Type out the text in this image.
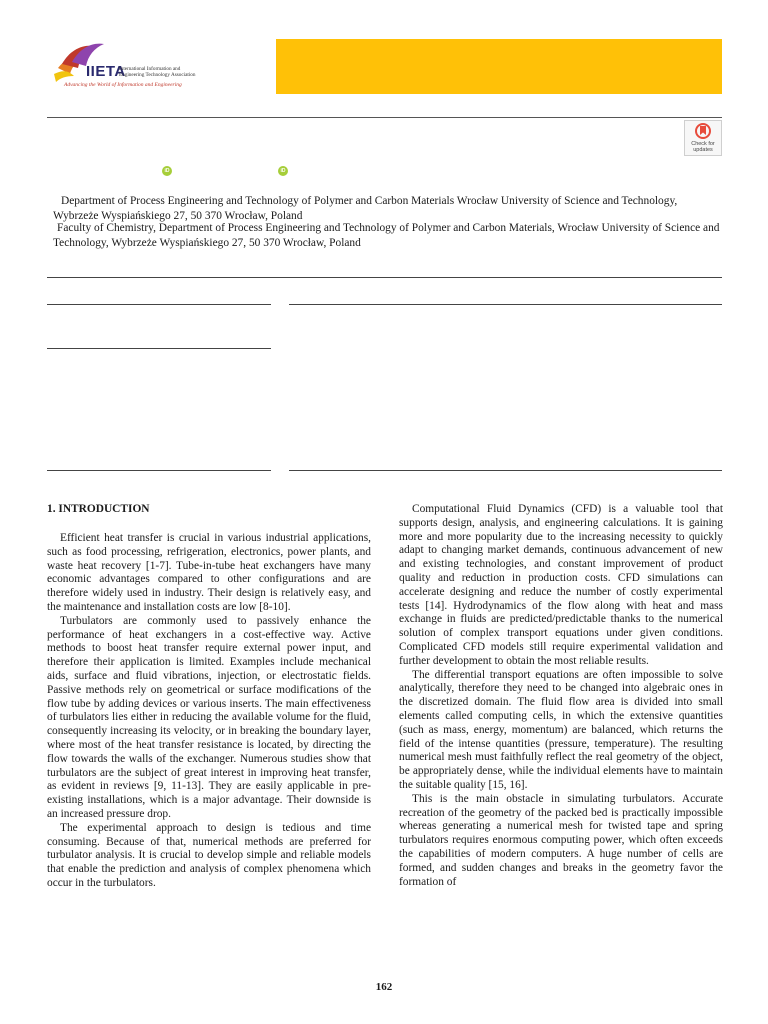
IIETA
International Information and
Engineering Technology Association
Advancing the World of Information and Engineering
Check for
updates
iD	iD
Department of Process Engineering and Technology of Polymer and Carbon Materials Wrocław University of Science and Technology, Wybrzeże Wyspiańskiego 27, 50 370 Wrocław, Poland
Faculty of Chemistry, Department of Process Engineering and Technology of Polymer and Carbon Materials, Wrocław University of Science and Technology, Wybrzeże Wyspiańskiego 27, 50 370 Wrocław, Poland
1. INTRODUCTION

Efficient heat transfer is crucial in various industrial applications, such as food processing, refrigeration, electronics, power plants, and waste heat recovery [1-7]. Tube-in-tube heat exchangers have many economic advantages compared to other configurations and are therefore widely used in industry. Their design is relatively easy, and the maintenance and installation costs are low [8-10].

Turbulators are commonly used to passively enhance the performance of heat exchangers in a cost-effective way. Active methods to boost heat transfer require external power input, and therefore their application is limited. Examples include mechanical aids, surface and fluid vibrations, injection, or electrostatic fields. Passive methods rely on geometrical or surface modifications of the flow tube by adding devices or various inserts. The main effectiveness of turbulators lies either in reducing the available volume for the fluid, consequently increasing its velocity, or in breaking the boundary layer, where most of the heat transfer resistance is located, by directing the flow towards the walls of the exchanger. Numerous studies show that turbulators are the subject of great interest in improving heat transfer, as evident in reviews [9, 11-13]. They are easily applicable in pre-existing installations, which is a major advantage. Their downside is an increased pressure drop.

The experimental approach to design is tedious and time consuming. Because of that, numerical methods are preferred for turbulator analysis. It is crucial to develop simple and reliable models that enable the prediction and analysis of complex phenomena which occur in the turbulators.

Computational Fluid Dynamics (CFD) is a valuable tool that supports design, analysis, and engineering calculations. It is gaining more and more popularity due to the increasing necessity to quickly adapt to changing market demands, continuous advancement of new and existing technologies, and constant improvement of product quality and reduction in production costs. CFD simulations can accelerate designing and reduce the number of costly experimental tests [14]. Hydrodynamics of the flow along with heat and mass exchange in fluids are predicted/predictable thanks to the numerical solution of complex transport equations under given conditions. Complicated CFD models still require experimental validation and further development to obtain the most reliable results.

The differential transport equations are often impossible to solve analytically, therefore they need to be changed into algebraic ones in the discretized domain. The fluid flow area is divided into small elements called computing cells, in which the extensive quantities (such as mass, energy, momentum) are balanced, which returns the field of the intense quantities (pressure, temperature). The resulting numerical mesh must faithfully reflect the real geometry of the object, be appropriately dense, while the individual elements have to maintain the suitable quality [15, 16].

This is the main obstacle in simulating turbulators. Accurate recreation of the geometry of the packed bed is practically impossible whereas generating a numerical mesh for twisted tape and spring turbulators requires enormous computing power, which often exceeds the capabilities of modern computers. A huge number of cells are formed, and sudden changes and breaks in the geometry favor the formation of

162
